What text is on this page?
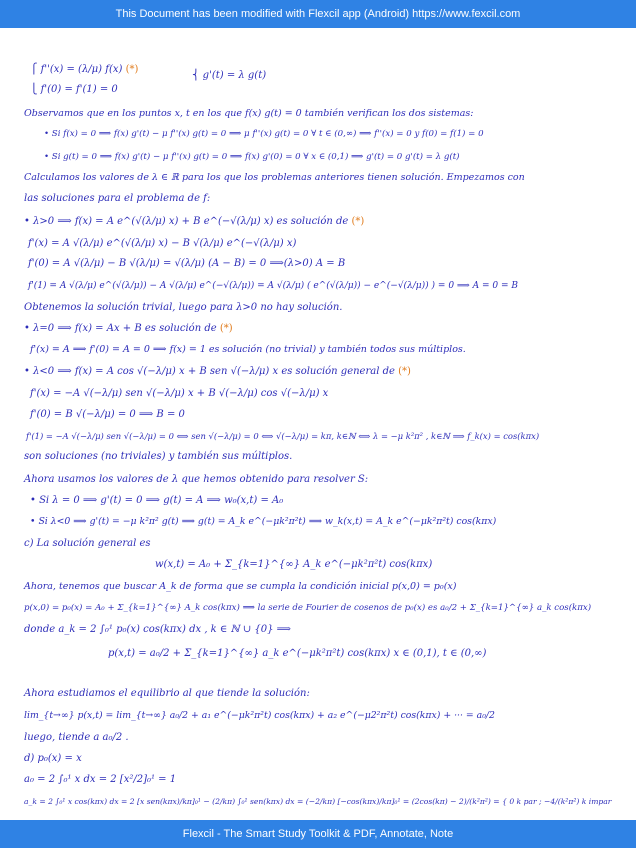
This Document has been modified with Flexcil app (Android) https://www.fexcil.com
⎧ f''(x) = (λ/μ) f(x) (*)
⎨ g'(t) = λ g(t)
⎩ f'(0) = f'(1) = 0
Observamos que en los puntos x, t en los que f(x) g(t) = 0 también verifican los dos sistemas:
• Si f(x) = 0 ⟹ f(x) g'(t) − μ f''(x) g(t) = 0 ⟹ μ f''(x) g(t) = 0 ∀ t ∈ (0,∞) ⟹ f''(x) = 0 y f(0) = f(1) = 0
• Si g(t) = 0 ⟹ f(x) g'(t) − μ f''(x) g(t) = 0 ⟹ f(x) g'(0) = 0 ∀ x ∈ (0,1) ⟹ g'(t) = 0 g'(t) = λ g(t)
Calculamos los valores de λ ∈ ℝ para los que los problemas anteriores tienen solución. Empezamos con
las soluciones para el problema de f:
• λ>0 ⟹ f(x) = A e^(√(λ/μ) x) + B e^(−√(λ/μ) x) es solución de (*)
f'(x) = A √(λ/μ) e^(√(λ/μ) x) − B √(λ/μ) e^(−√(λ/μ) x)
f'(0) = A √(λ/μ) − B √(λ/μ) = √(λ/μ) (A − B) = 0 ⟹(λ>0) A = B
f'(1) = A √(λ/μ) e^(√(λ/μ)) − A √(λ/μ) e^(−√(λ/μ)) = A √(λ/μ) ( e^(√(λ/μ)) − e^(−√(λ/μ)) ) = 0 ⟹ A = 0 = B
Obtenemos la solución trivial, luego para λ>0 no hay solución.
• λ=0 ⟹ f(x) = Ax + B es solución de (*)
f'(x) = A ⟹ f'(0) = A = 0 ⟹ f(x) = 1 es solución (no trivial) y también todos sus múltiplos.
• λ<0 ⟹ f(x) = A cos √(−λ/μ) x + B sen √(−λ/μ) x es solución general de (*)
f'(x) = −A √(−λ/μ) sen √(−λ/μ) x + B √(−λ/μ) cos √(−λ/μ) x
f'(0) = B √(−λ/μ) = 0 ⟹ B = 0
f'(1) = −A √(−λ/μ) sen √(−λ/μ) = 0 ⟺ sen √(−λ/μ) = 0 ⟺ √(−λ/μ) = kπ, k∈ℕ ⟺ λ = −μ k²π² , k∈ℕ ⟹ f_k(x) = cos(kπx)
son soluciones (no triviales) y también sus múltiplos.
Ahora usamos los valores de λ que hemos obtenido para resolver S:
• Si λ = 0 ⟹ g'(t) = 0 ⟹ g(t) = A ⟹ w₀(x,t) = A₀
• Si λ<0 ⟹ g'(t) = −μ k²π² g(t) ⟹ g(t) = A_k e^(−μk²π²t) ⟹ w_k(x,t) = A_k e^(−μk²π²t) cos(kπx)
c) La solución general es
w(x,t) = A₀ + Σ_{k=1}^{∞} A_k e^(−μk²π²t) cos(kπx)
Ahora, tenemos que buscar A_k de forma que se cumpla la condición inicial p(x,0) = p₀(x)
p(x,0) = p₀(x) = A₀ + Σ_{k=1}^{∞} A_k cos(kπx) ⟹ la serie de Fourier de cosenos de p₀(x) es a₀/2 + Σ_{k=1}^{∞} a_k cos(kπx)
donde a_k = 2 ∫₀¹ p₀(x) cos(kπx) dx , k ∈ ℕ ∪ {0} ⟹
p(x,t) = a₀/2 + Σ_{k=1}^{∞} a_k e^(−μk²π²t) cos(kπx) x ∈ (0,1), t ∈ (0,∞)
Ahora estudiamos el equilibrio al que tiende la solución:
lim_{t→∞} p(x,t) = lim_{t→∞} a₀/2 + a₁ e^(−μk²π²t) cos(kπx) + a₂ e^(−μ2²π²t) cos(kπx) + ··· = a₀/2
luego, tiende a a₀/2 .
d) p₀(x) = x
a₀ = 2 ∫₀¹ x dx = 2 [x²/2]₀¹ = 1
a_k = 2 ∫₀¹ x cos(kπx) dx = 2 [x sen(kπx)/kπ]₀¹ − (2/kπ) ∫₀¹ sen(kπx) dx = (−2/kπ) [−cos(kπx)/kπ]₀¹ = (2cos(kπ) − 2)/(k²π²) = { 0 k par ; −4/(k²π²) k impar
Flexcil - The Smart Study Toolkit & PDF, Annotate, Note
